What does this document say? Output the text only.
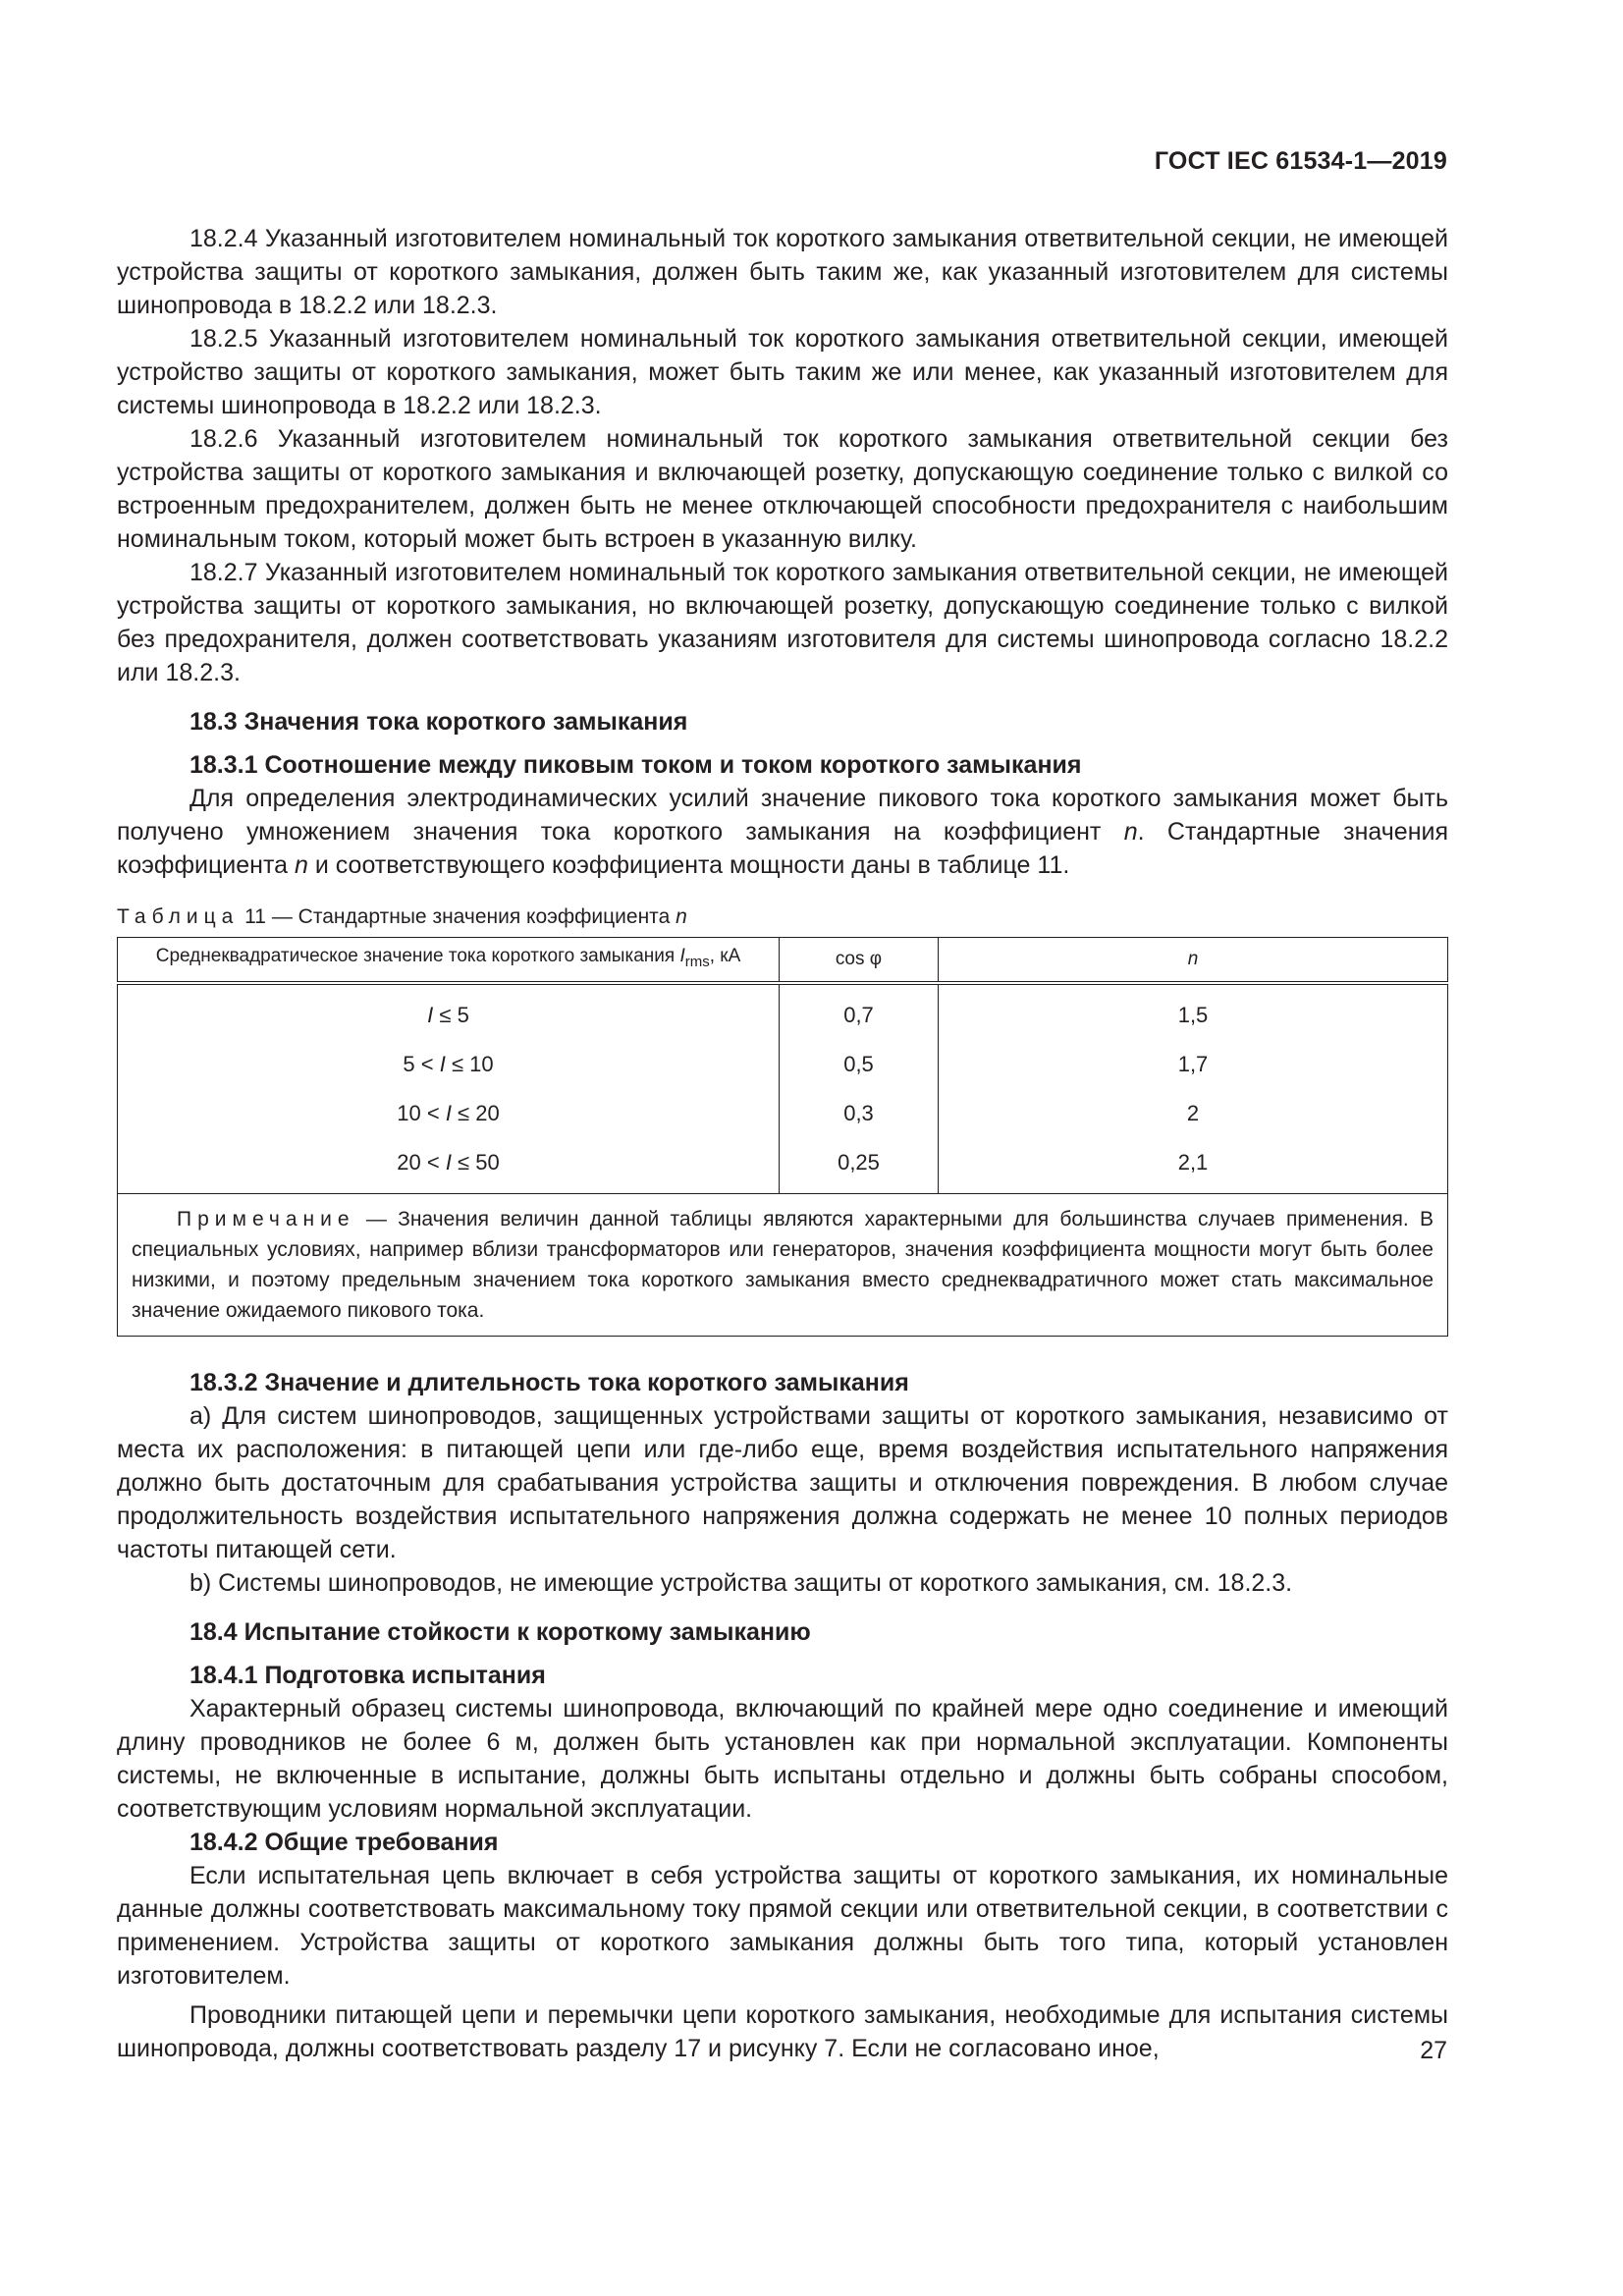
ГОСТ IEC 61534-1—2019

18.2.4 Указанный изготовителем номинальный ток короткого замыкания ответвительной секции, не имеющей устройства защиты от короткого замыкания, должен быть таким же, как указанный изготовителем для системы шинопровода в 18.2.2 или 18.2.3.

18.2.5 Указанный изготовителем номинальный ток короткого замыкания ответвительной секции, имеющей устройство защиты от короткого замыкания, может быть таким же или менее, как указанный изготовителем для системы шинопровода в 18.2.2 или 18.2.3.

18.2.6 Указанный изготовителем номинальный ток короткого замыкания ответвительной секции без устройства защиты от короткого замыкания и включающей розетку, допускающую соединение только с вилкой со встроенным предохранителем, должен быть не менее отключающей способности предохранителя с наибольшим номинальным током, который может быть встроен в указанную вилку.

18.2.7 Указанный изготовителем номинальный ток короткого замыкания ответвительной секции, не имеющей устройства защиты от короткого замыкания, но включающей розетку, допускающую соединение только с вилкой без предохранителя, должен соответствовать указаниям изготовителя для системы шинопровода согласно 18.2.2 или 18.2.3.

18.3 Значения тока короткого замыкания

18.3.1 Соотношение между пиковым током и током короткого замыкания

Для определения электродинамических усилий значение пикового тока короткого замыкания может быть получено умножением значения тока короткого замыкания на коэффициент n. Стандартные значения коэффициента n и соответствующего коэффициента мощности даны в таблице 11.

Таблица 11 — Стандартные значения коэффициента n
Среднеквадратическое значение тока короткого замыкания $I_{rms}$, кА	cos φ	n
I ≤ 5	0,7	1,5
5 < I ≤ 10	0,5	1,7
10 < I ≤ 20	0,3	2
20 < I ≤ 50	0,25	2,1
Примечание — Значения величин данной таблицы являются характерными для большинства случаев применения. В специальных условиях, например вблизи трансформаторов или генераторов, значения коэффициента мощности могут быть более низкими, и поэтому предельным значением тока короткого замыкания вместо среднеквадратичного может стать максимальное значение ожидаемого пикового тока.		

18.3.2 Значение и длительность тока короткого замыкания

а) Для систем шинопроводов, защищенных устройствами защиты от короткого замыкания, независимо от места их расположения: в питающей цепи или где-либо еще, время воздействия испытательного напряжения должно быть достаточным для срабатывания устройства защиты и отключения повреждения. В любом случае продолжительность воздействия испытательного напряжения должна содержать не менее 10 полных периодов частоты питающей сети.

b) Системы шинопроводов, не имеющие устройства защиты от короткого замыкания, см. 18.2.3.

18.4 Испытание стойкости к короткому замыканию

18.4.1 Подготовка испытания

Характерный образец системы шинопровода, включающий по крайней мере одно соединение и имеющий длину проводников не более 6 м, должен быть установлен как при нормальной эксплуатации. Компоненты системы, не включенные в испытание, должны быть испытаны отдельно и должны быть собраны способом, соответствующим условиям нормальной эксплуатации.

18.4.2 Общие требования

Если испытательная цепь включает в себя устройства защиты от короткого замыкания, их номинальные данные должны соответствовать максимальному току прямой секции или ответвительной секции, в соответствии с применением. Устройства защиты от короткого замыкания должны быть того типа, который установлен изготовителем.

Проводники питающей цепи и перемычки цепи короткого замыкания, необходимые для испытания системы шинопровода, должны соответствовать разделу 17 и рисунку 7. Если не согласовано иное,	27
